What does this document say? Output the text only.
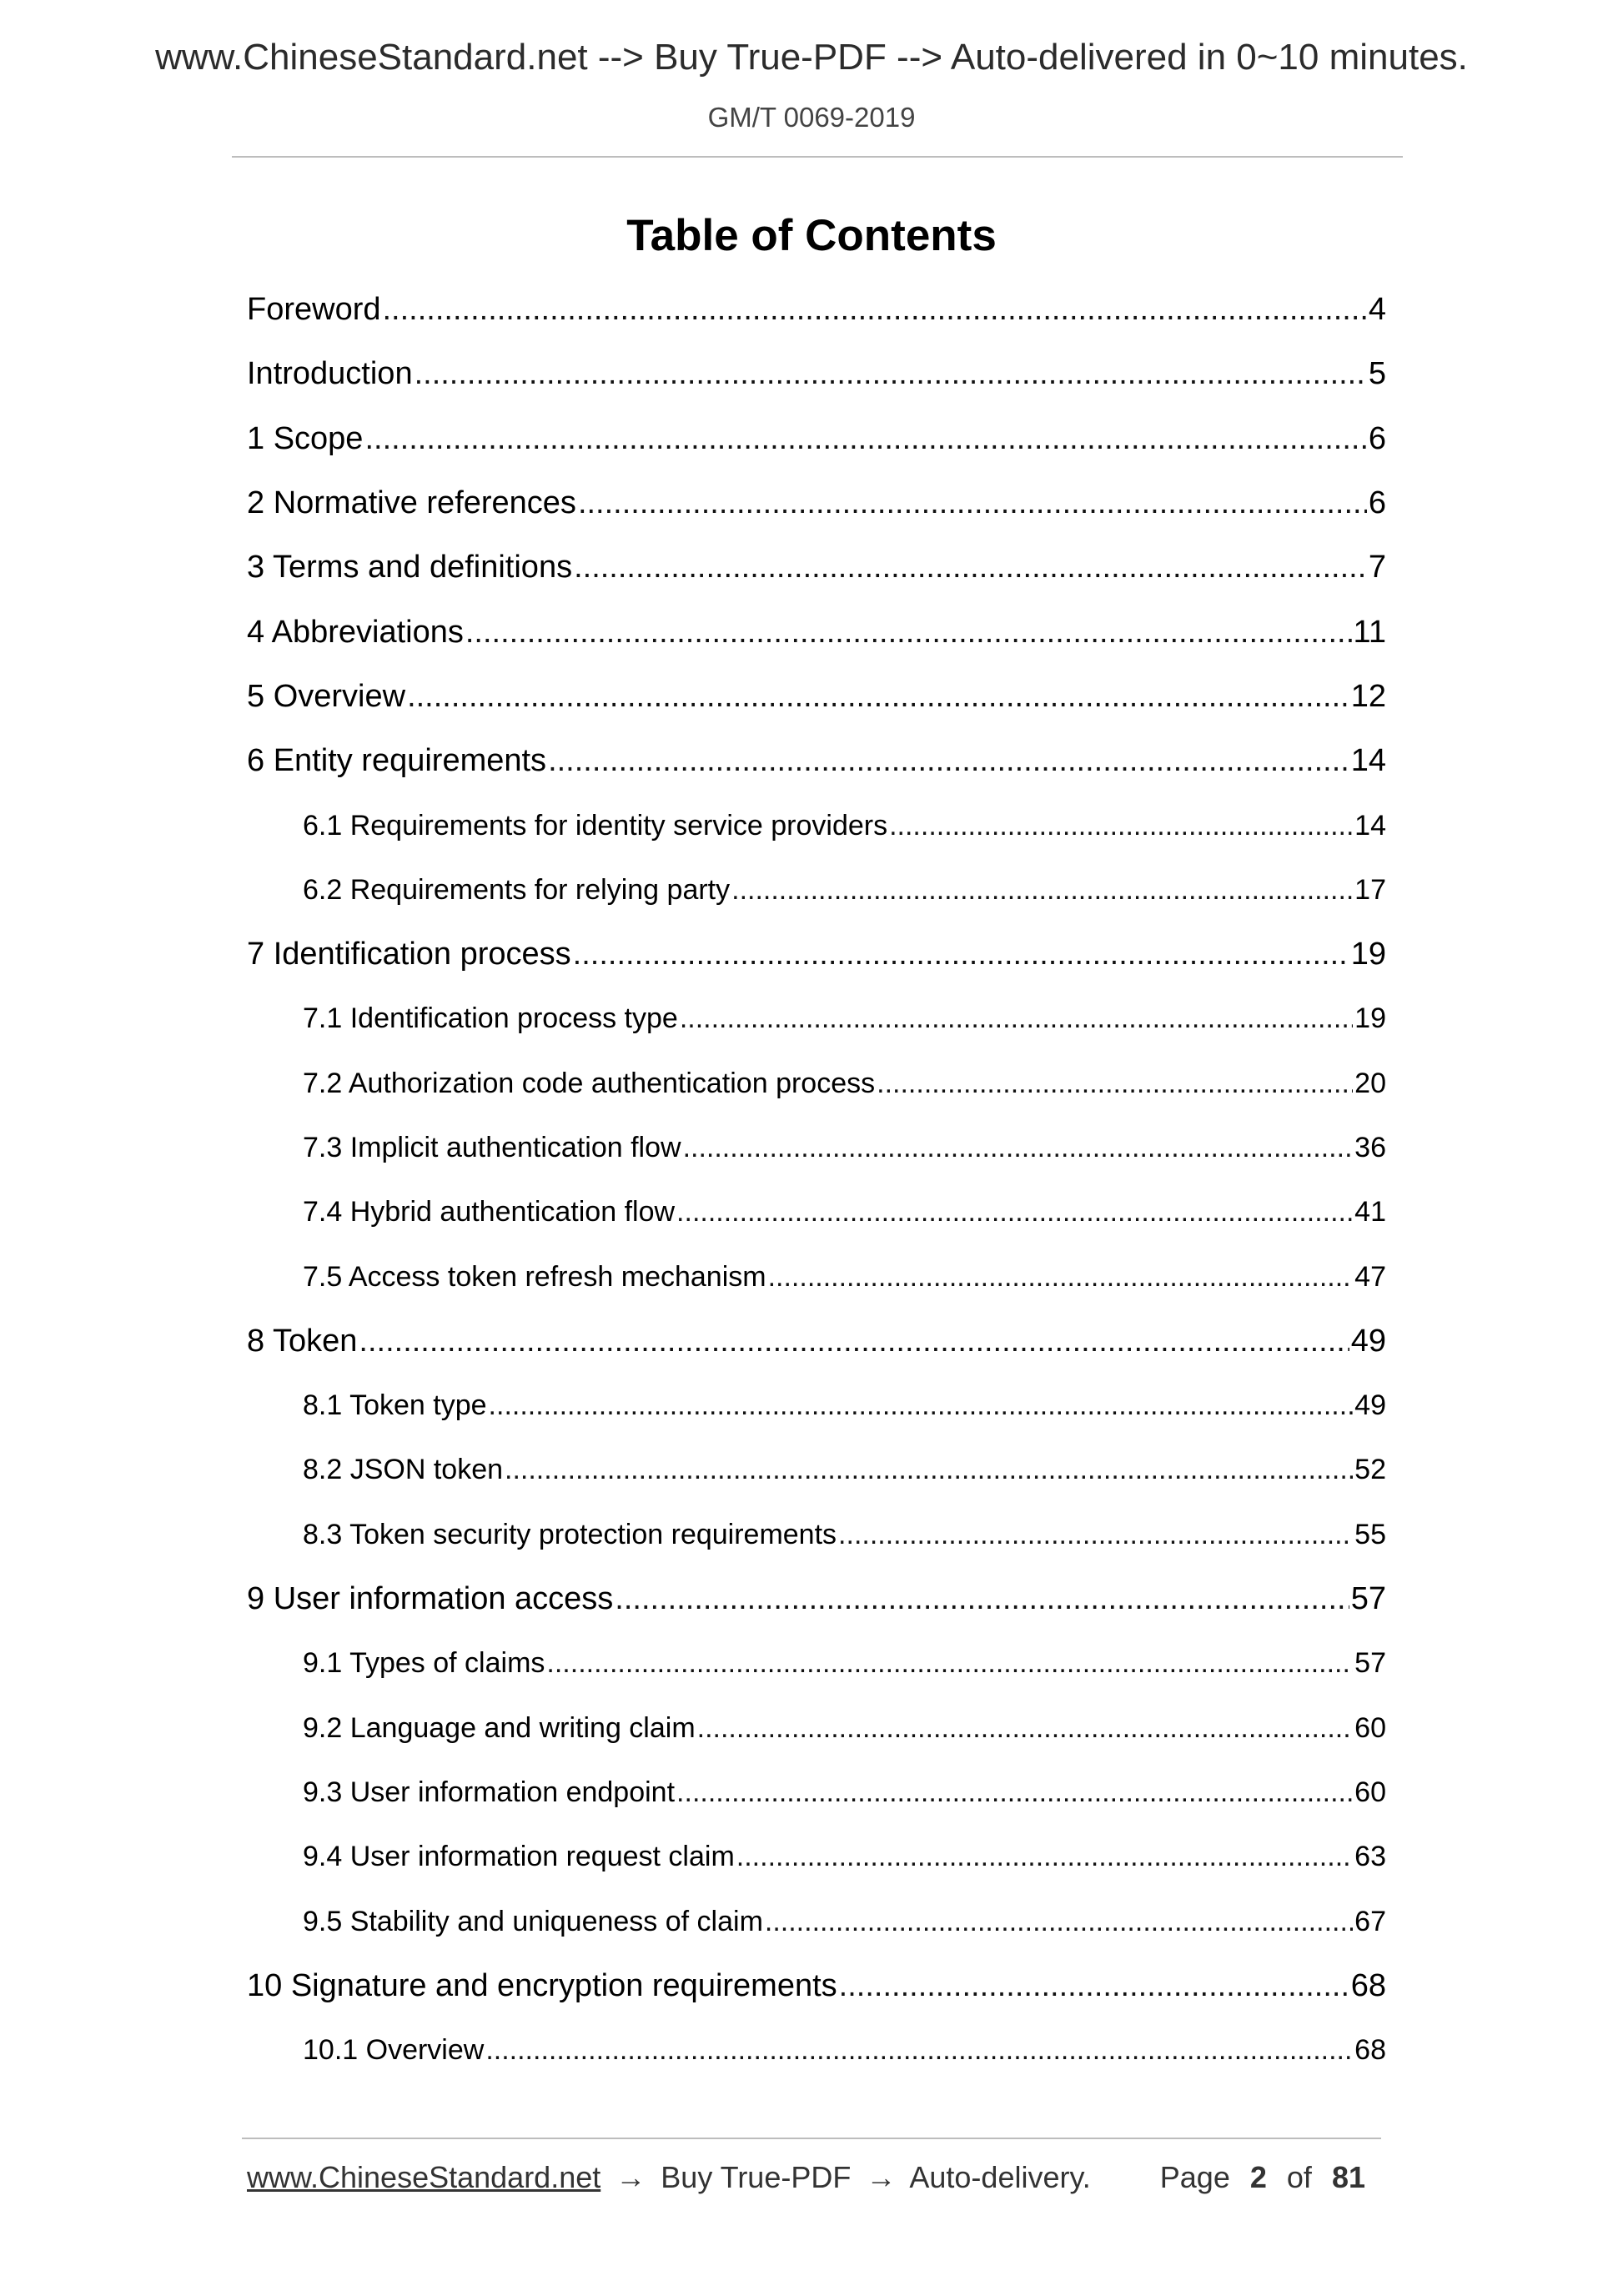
www.ChineseStandard.net --> Buy True-PDF --> Auto-delivered in 0~10 minutes.
GM/T 0069-2019
Table of Contents
Foreword .....	4
Introduction .....	5
1 Scope .....	6
2 Normative references .....	6
3 Terms and definitions .....	7
4 Abbreviations .....	11
5 Overview .....	12
6 Entity requirements .....	14
6.1 Requirements for identity service providers .....	14
6.2 Requirements for relying party .....	17
7 Identification process .....	19
7.1 Identification process type .....	19
7.2 Authorization code authentication process .....	20
7.3 Implicit authentication flow .....	36
7.4 Hybrid authentication flow .....	41
7.5 Access token refresh mechanism .....	47
8 Token .....	49
8.1 Token type .....	49
8.2 JSON token .....	52
8.3 Token security protection requirements .....	55
9 User information access .....	57
9.1 Types of claims .....	57
9.2 Language and writing claim .....	60
9.3 User information endpoint .....	60
9.4 User information request claim .....	63
9.5 Stability and uniqueness of claim .....	67
10 Signature and encryption requirements .....	68
10.1 Overview .....	68
www.ChineseStandard.net → Buy True-PDF → Auto-delivery. Page 2 of 81
